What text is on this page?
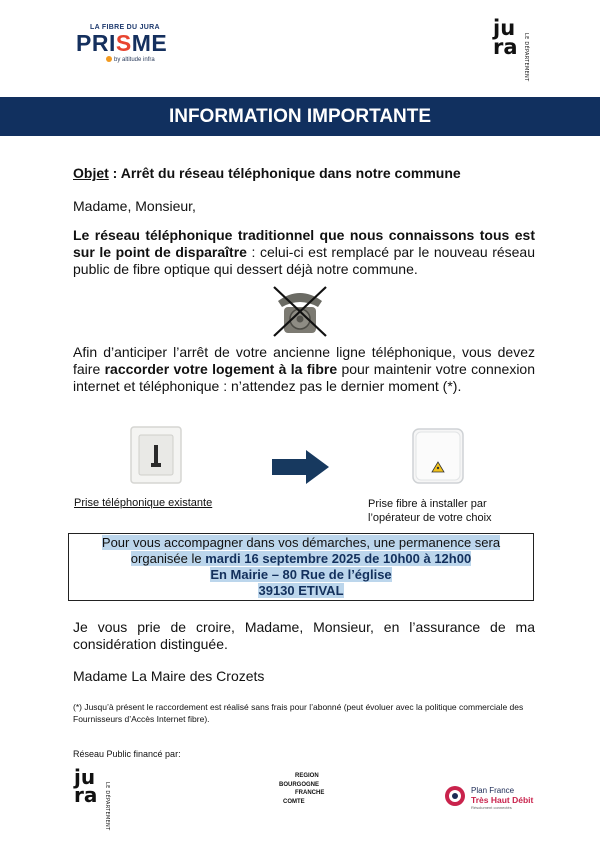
LA FIBRE DU JURA
PRISME
by altitude infra
ju
ra	LE DÉPARTEMENT
INFORMATION IMPORTANTE
Objet : Arrêt du réseau téléphonique dans notre commune
Madame, Monsieur,
Le réseau téléphonique traditionnel que nous connaissons tous est sur le point de disparaître : celui-ci est remplacé par le nouveau réseau public de fibre optique qui dessert déjà notre commune.
Afin d’anticiper l’arrêt de votre ancienne ligne téléphonique, vous devez faire raccorder votre logement à la fibre pour maintenir votre connexion internet et téléphonique : n’attendez pas le dernier moment (*).
Prise téléphonique existante	Prise fibre à installer par l’opérateur de votre choix
Pour vous accompagner dans vos démarches, une permanence sera
organisée le mardi 16 septembre 2025 de 10h00 à 12h00
En Mairie – 80 Rue de l’église
39130 ETIVAL
Je vous prie de croire, Madame, Monsieur, en l’assurance de ma considération distinguée.
Madame La Maire des Crozets
(*) Jusqu’à présent le raccordement est réalisé sans frais pour l’abonné (peut évoluer avec la politique commerciale des Fournisseurs d’Accès Internet fibre).
Réseau Public financé par:
ju
ra	LE DÉPARTEMENT
REGION
BOURGOGNE
FRANCHE
COMTE
Plan France
Très Haut Débit
Résolument connectés
